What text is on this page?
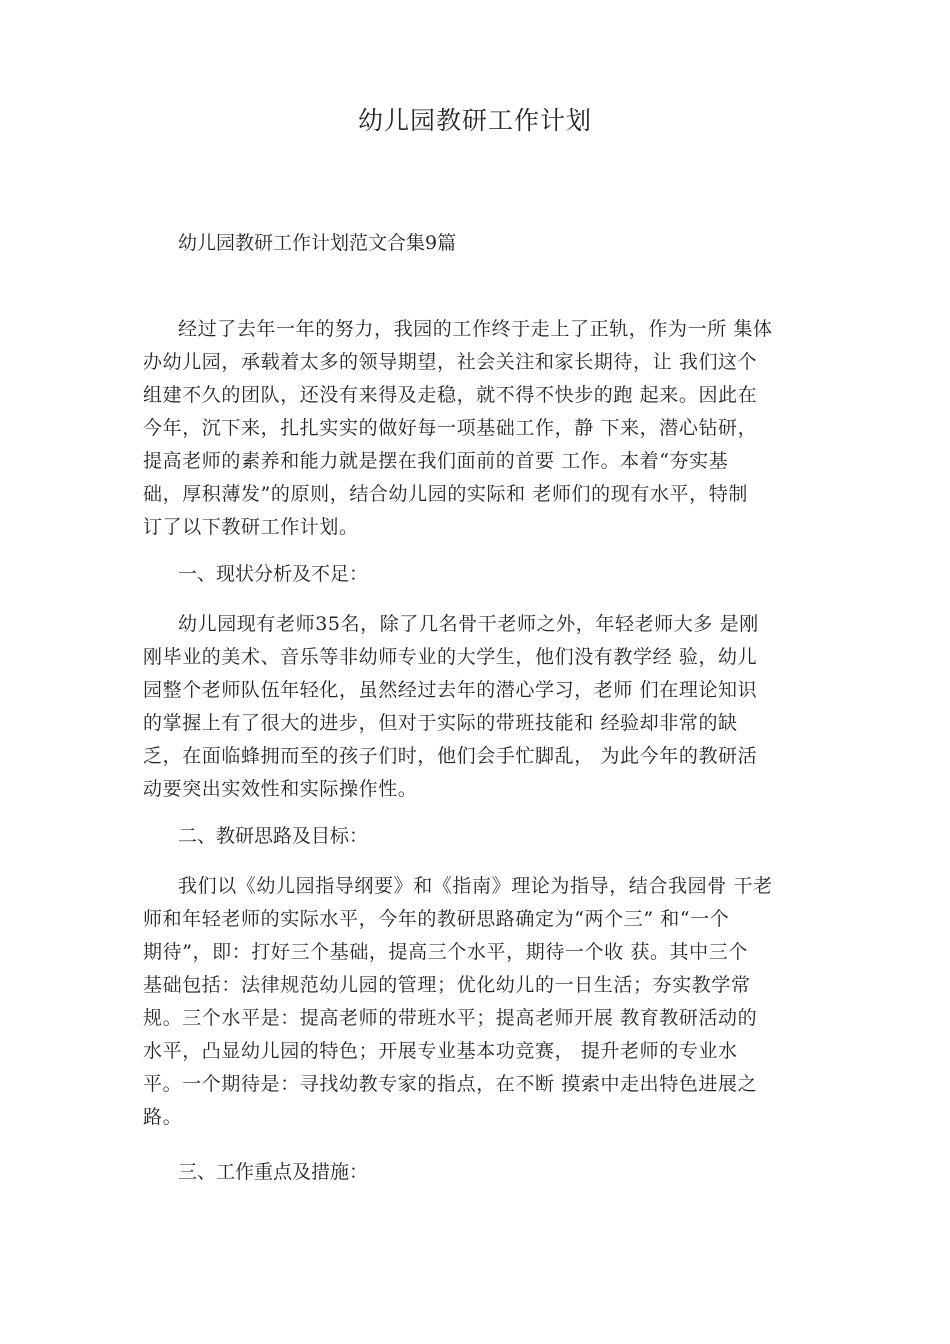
幼儿园教研工作计划

幼儿园教研工作计划范文合集9篇

经过了去年一年的努力，我园的工作终于走上了正轨，作为一所 集体
办幼儿园，承载着太多的领导期望，社会关注和家长期待，让 我们这个
组建不久的团队，还没有来得及走稳，就不得不快步的跑 起来。因此在
今年，沉下来，扎扎实实的做好每一项基础工作，静 下来，潜心钻研，
提高老师的素养和能力就是摆在我们面前的首要 工作。本着“夯实基
础，厚积薄发”的原则，结合幼儿园的实际和 老师们的现有水平，特制
订了以下教研工作计划。

一、现状分析及不足：

幼儿园现有老师35名，除了几名骨干老师之外，年轻老师大多 是刚
刚毕业的美术、音乐等非幼师专业的大学生，他们没有教学经 验，幼儿
园整个老师队伍年轻化，虽然经过去年的潜心学习，老师 们在理论知识
的掌握上有了很大的进步，但对于实际的带班技能和 经验却非常的缺
乏，在面临蜂拥而至的孩子们时，他们会手忙脚乱， 为此今年的教研活
动要突出实效性和实际操作性。

二、教研思路及目标：

我们以《幼儿园指导纲要》和《指南》理论为指导，结合我园骨 干老
师和年轻老师的实际水平，今年的教研思路确定为“两个三” 和“一个
期待”，即：打好三个基础，提高三个水平，期待一个收 获。其中三个
基础包括：法律规范幼儿园的管理；优化幼儿的一日生活；夯实教学常
规。三个水平是：提高老师的带班水平；提高老师开展 教育教研活动的
水平，凸显幼儿园的特色；开展专业基本功竞赛， 提升老师的专业水
平。一个期待是：寻找幼教专家的指点，在不断 摸索中走出特色进展之
路。

三、工作重点及措施：
